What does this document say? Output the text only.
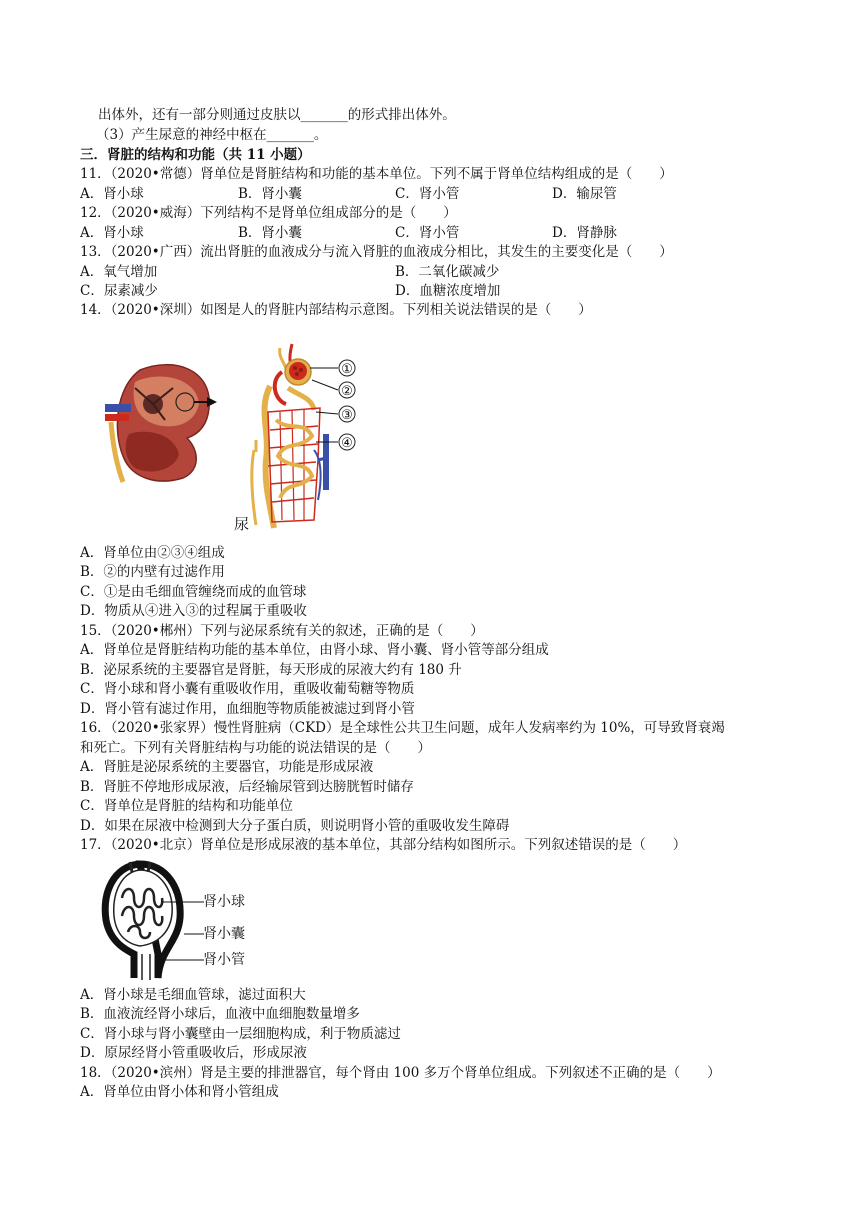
出体外，还有一部分则通过皮肤以_______的形式排出体外。
（3）产生尿意的神经中枢在_______。
三．肾脏的结构和功能（共 11 小题）
11．（2020•常德）肾单位是肾脏结构和功能的基本单位。下列不属于肾单位结构组成的是（　　）
A．肾小球	B．肾小囊	C．肾小管	D．输尿管
12．（2020•威海）下列结构不是肾单位组成部分的是（　　）
A．肾小球	B．肾小囊	C．肾小管	D．肾静脉
13．（2020•广西）流出肾脏的血液成分与流入肾脏的血液成分相比，其发生的主要变化是（　　）
A．氧气增加	B．二氧化碳减少
C．尿素减少	D．血糖浓度增加
14．（2020•深圳）如图是人的肾脏内部结构示意图。下列相关说法错误的是（　　）
①
②
③
④
尿
A．肾单位由②③④组成
B．②的内壁有过滤作用
C．①是由毛细血管缠绕而成的血管球
D．物质从④进入③的过程属于重吸收
15．（2020•郴州）下列与泌尿系统有关的叙述，正确的是（　　）
A．肾单位是肾脏结构功能的基本单位，由肾小球、肾小囊、肾小管等部分组成
B．泌尿系统的主要器官是肾脏，每天形成的尿液大约有 180 升
C．肾小球和肾小囊有重吸收作用，重吸收葡萄糖等物质
D．肾小管有滤过作用，血细胞等物质能被滤过到肾小管
16．（2020•张家界）慢性肾脏病（CKD）是全球性公共卫生问题，成年人发病率约为 10%，可导致肾衰竭
和死亡。下列有关肾脏结构与功能的说法错误的是（　　）
A．肾脏是泌尿系统的主要器官，功能是形成尿液
B．肾脏不停地形成尿液，后经输尿管到达膀胱暂时储存
C．肾单位是肾脏的结构和功能单位
D．如果在尿液中检测到大分子蛋白质，则说明肾小管的重吸收发生障碍
17．（2020•北京）肾单位是形成尿液的基本单位，其部分结构如图所示。下列叙述错误的是（　　）
肾小球
肾小囊
肾小管
A．肾小球是毛细血管球，滤过面积大
B．血液流经肾小球后，血液中血细胞数量增多
C．肾小球与肾小囊壁由一层细胞构成，利于物质滤过
D．原尿经肾小管重吸收后，形成尿液
18．（2020•滨州）肾是主要的排泄器官，每个肾由 100 多万个肾单位组成。下列叙述不正确的是（　　）
A．肾单位由肾小体和肾小管组成
